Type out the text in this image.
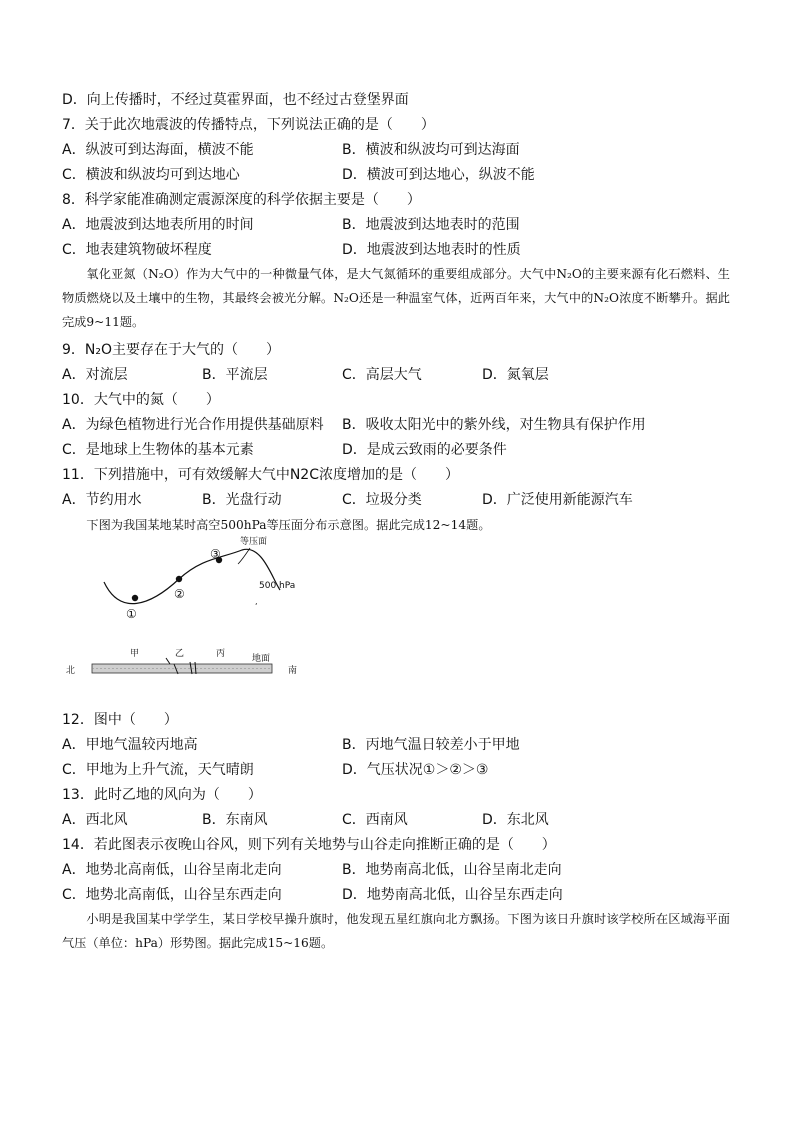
D．向上传播时，不经过莫霍界面，也不经过古登堡界面
7．关于此次地震波的传播特点，下列说法正确的是（　　）
A．纵波可到达海面，横波不能	B．横波和纵波均可到达海面
C．横波和纵波均可到达地心	D．横波可到达地心，纵波不能
8．科学家能准确测定震源深度的科学依据主要是（　　）
A．地震波到达地表所用的时间	B．地震波到达地表时的范围
C．地表建筑物破坏程度	D．地震波到达地表时的性质
氧化亚氮（N₂O）作为大气中的一种微量气体，是大气氮循环的重要组成部分。大气中N₂O的主要来源有化石燃料、生物质燃烧以及土壤中的生物，其最终会被光分解。N₂O还是一种温室气体，近两百年来，大气中的N₂O浓度不断攀升。据此完成9~11题。
9．N₂O主要存在于大气的（　　）
A．对流层	B．平流层	C．高层大气	D．氮氧层
10．大气中的氮（　　）
A．为绿色植物进行光合作用提供基础原料 B．吸收太阳光中的紫外线，对生物具有保护作用
C．是地球上生物体的基本元素	D．是成云致雨的必要条件
11．下列措施中，可有效缓解大气中N2C浓度增加的是（　　）
A．节约用水	B．光盘行动	C．垃圾分类	D．广泛使用新能源汽车
下图为我国某地某时高空500hPa等压面分布示意图。据此完成12~14题。
①
②
③
等压面
500 hPa
,
北	南
甲	乙	丙	地面
12．图中（　　）
A．甲地气温较丙地高	B．丙地气温日较差小于甲地
C．甲地为上升气流，天气晴朗	D．气压状况①＞②＞③
13．此时乙地的风向为（　　）
A．西北风	B．东南风	C．西南风	D．东北风
14．若此图表示夜晚山谷风，则下列有关地势与山谷走向推断正确的是（　　）
A．地势北高南低，山谷呈南北走向	B．地势南高北低，山谷呈南北走向
C．地势北高南低，山谷呈东西走向	D．地势南高北低，山谷呈东西走向
小明是我国某中学学生，某日学校早操升旗时，他发现五星红旗向北方飘扬。下图为该日升旗时该学校所在区域海平面气压（单位：hPa）形势图。据此完成15~16题。
